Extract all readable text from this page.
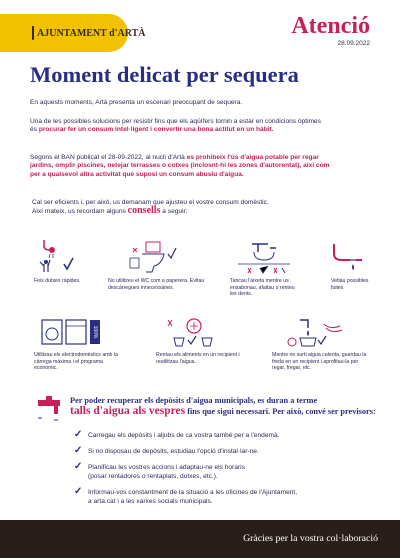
AJUNTAMENT d'ARTÀ	Atenció
28.09.2022
Moment delicat per sequera
En aquests moments, Artà presenta un escenari preocupant de sequera.
Una de les possibles solucions per resistir fins que els aqüífers tornin a estar en condicions òptimes
és procurar fer un consum intel·ligent i convertir una bona actitut en un hàbit.
Segons el BAN publicat el 28-09-2022, al nucli d'Artà es prohibeix l'ús d'aigua potable per regar
jardins, omplir piscines, netejar terrasses o cotxes (inclosnt-hi les zones d'autorentat), així com
per a qualsevol altra activitat que suposi un consum abusiu d'aigua.
Cal ser eficients i, per això, us demanam que ajusteu el vostre consum domèstic.
Així mateix, us recordam alguns consells a seguir:
Feis dutxes ràpides.	No utilitzeu el WC com a paperera. Evitau descàrregues innecessàries.
Tancau l'aixeta mentre us ensabonau, afaitau o renteu les dents.
Vetlau possibles fuites
100%
Utilitzau els electrodomèstics amb la càrrega màxima i el programa econòmic.
Rentau els aliments en un recipient i reutilitzau l'aigua.
Mentre no surti aigua calenta, guardau la freda en un recipient i aprofitau-la per regar, fregar, etc.
Per poder recuperar els depòsits d'aigua municipals, es duran a terme
talls d'aigua als vespres fins que sigui necessari. Per això, convé ser previsors:
✓ Carregau els depòsits i aljubs de ca vostra també per a l'endemà.
✓ Si no disposau de depòsits, estudiau l'opció d'instal·lar-ne.
✓ Planificau les vostres accions i adaptau-ne els horaris
(posar rentadores o rentaplats, dutxes, etc.).
✓ Informau-vos constantment de la situació a les oficines de l'Ajuntament,
a arta.cat i a les xarxes socials municipals.
Gràcies per la vostra col·laboració
